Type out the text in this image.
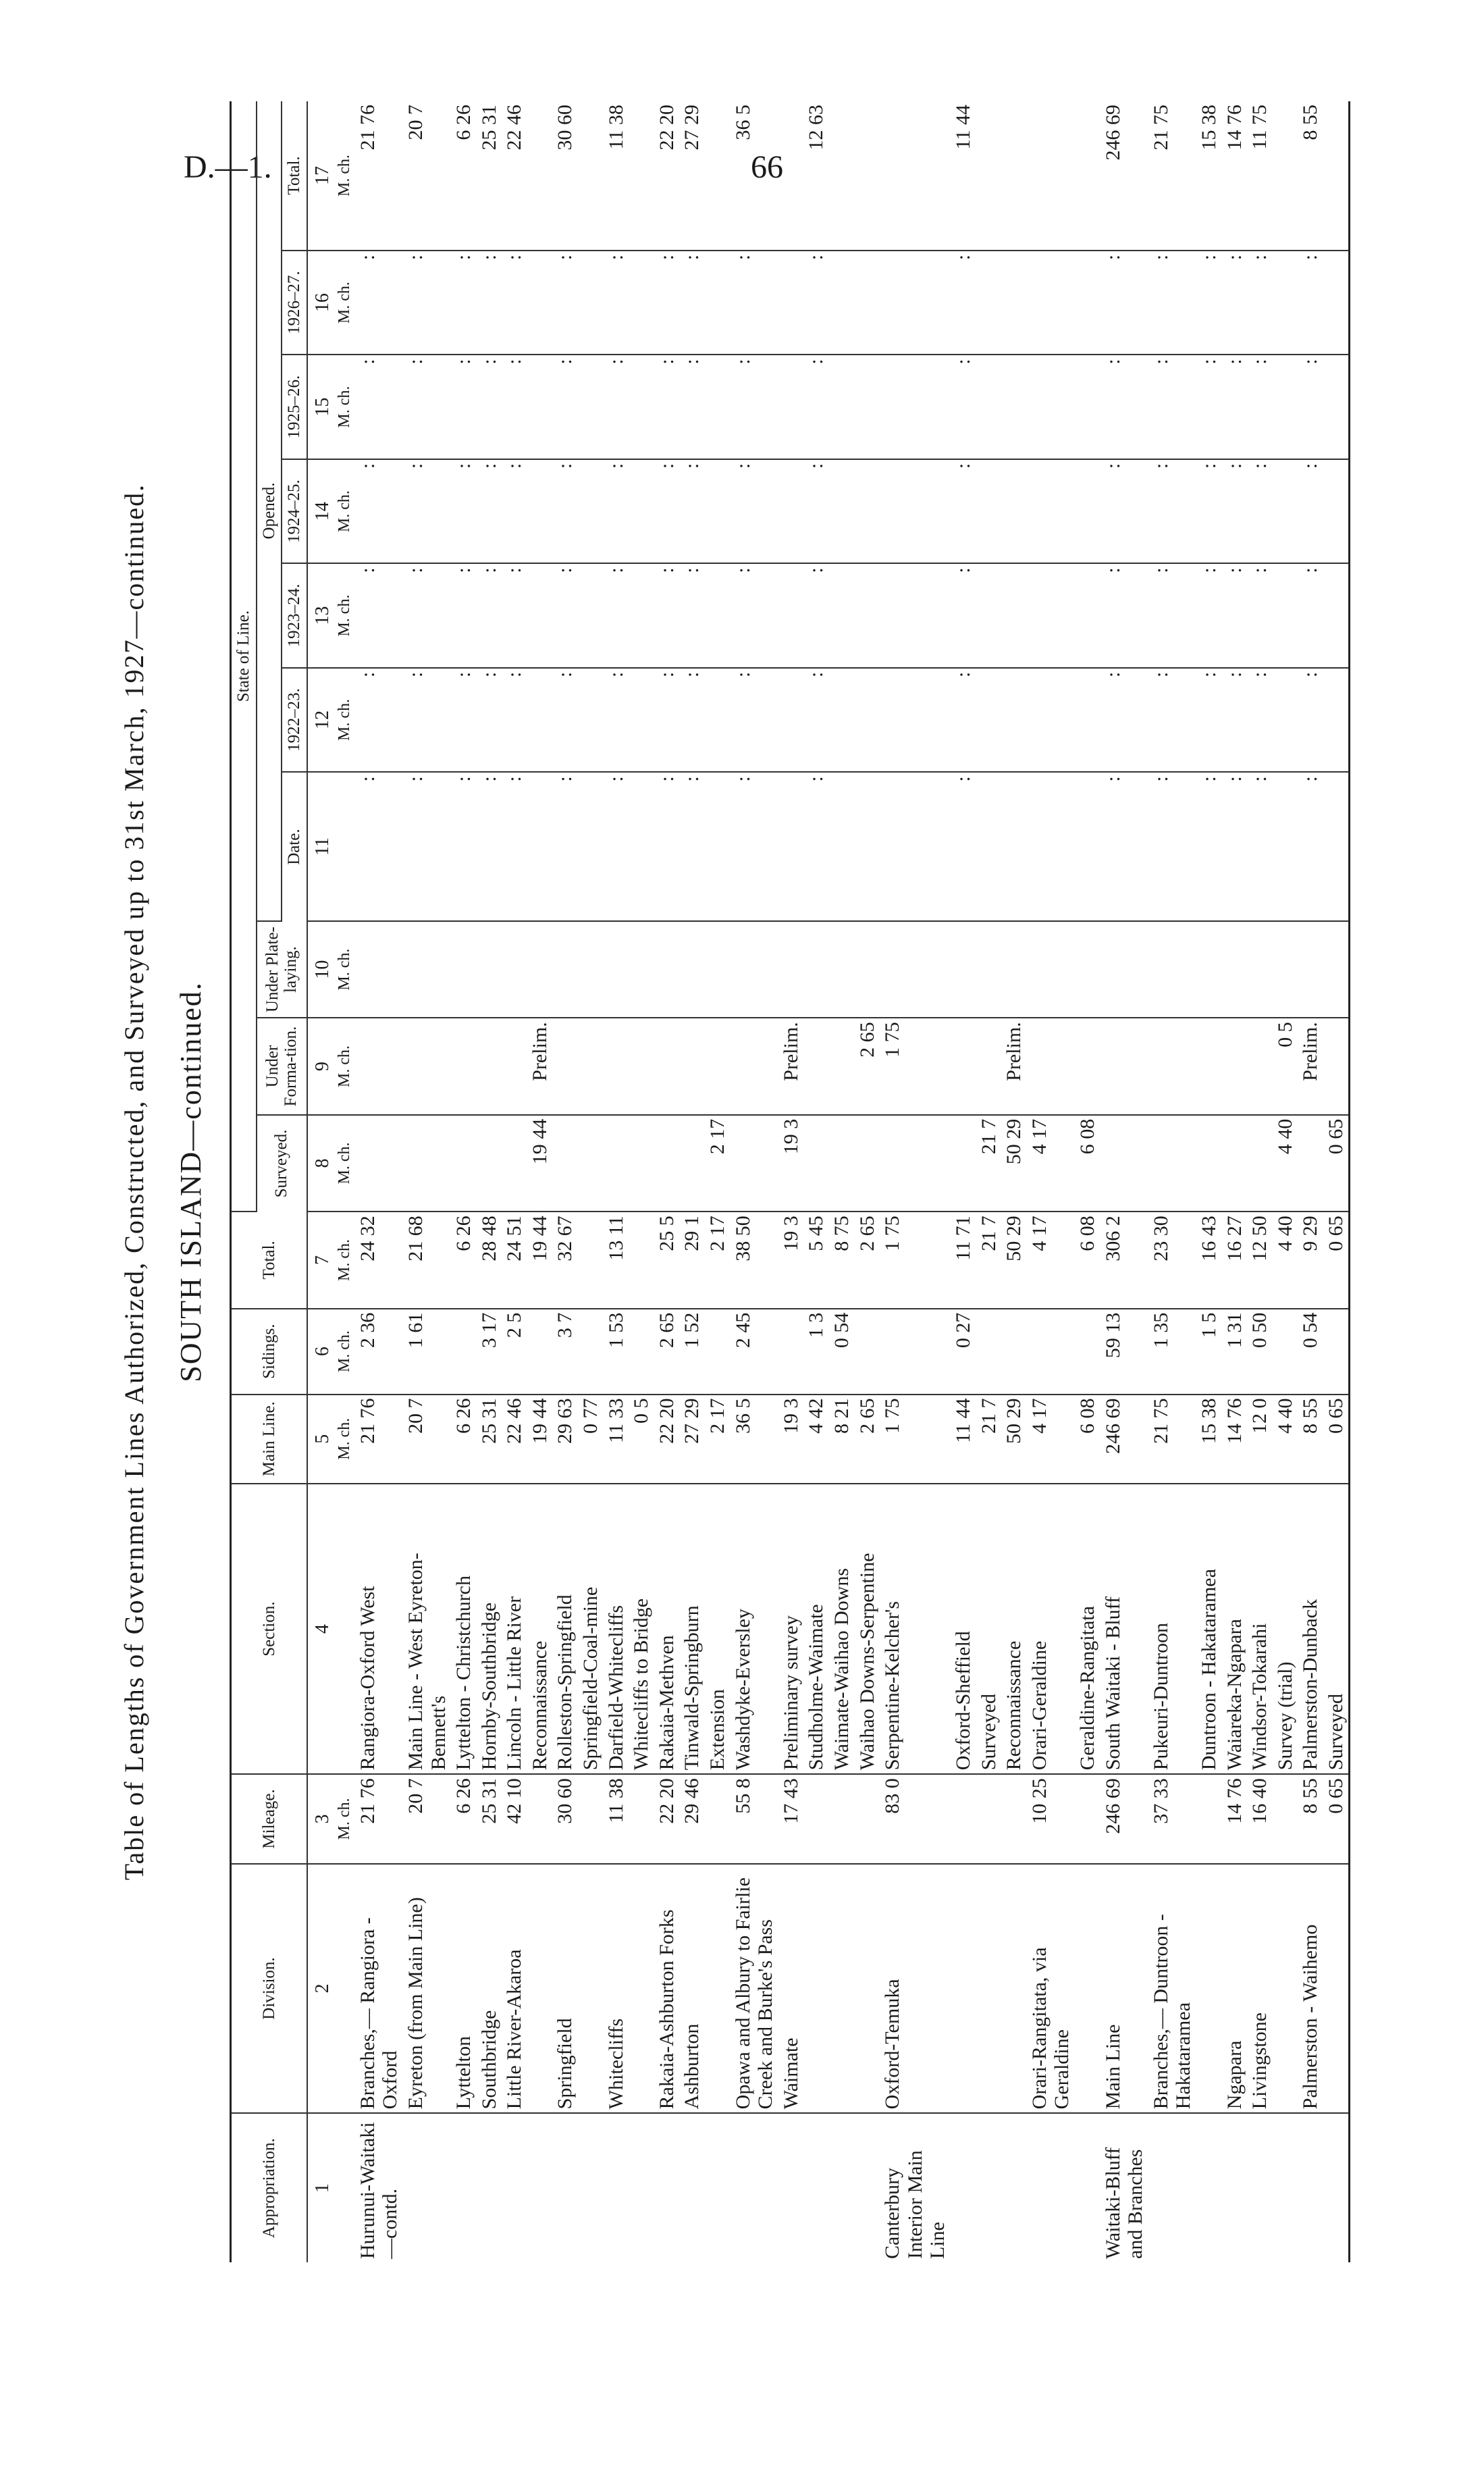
D.—1.	66
Table of Lengths of Government Lines Authorized, Constructed, and Surveyed up to 31st March, 1927—continued. SOUTH ISLAND—continued.
Appropriation.	Division.	Mileage.	Section.	Main Line.	Sidings.	Total.	State of Line.									
							Surveyed.	Under Forma-tion.	Under Plate-laying.	Opened.						
										Date.	1922–23.	1923–24.	1924–25.	1925–26.	1926–27.	Total.
1	2	3	4	5	6	7	8	9	10	11	12	13	14	15	16	17
		M. ch.		M. ch.	M. ch.	M. ch.	M. ch.	M. ch.	M. ch.		M. ch.	M. ch.	M. ch.	M. ch.	M. ch.	M. ch.
Hurunui-Waitaki —contd.	Branches,— Rangiora - Oxford	21 76	Rangiora-Oxford West	21 76	2 36	24 32				:	:	:	:	:	:	21 76
	Eyreton (from Main Line)	20 7	Main Line - West Eyreton-Bennett's	20 7	1 61	21 68				:	:	:	:	:	:	20 7
	Lyttelton	6 26	Lyttelton - Christchurch	6 26		6 26				:	:	:	:	:	:	6 26
	Southbridge	25 31	Hornby-Southbridge	25 31	3 17	28 48				:	:	:	:	:	:	25 31
	Little River-Akaroa	42 10	Lincoln - Little River	22 46	2 5	24 51				:	:	:	:	:	:	22 46
			Reconnaissance	19 44		19 44	19 44	Prelim.								
	Springfield	30 60	Rolleston-Springfield	29 63	3 7	32 67				:	:	:	:	:	:	30 60
			Springfield-Coal-mine	0 77												
	Whitecliffs	11 38	Darfield-Whitecliffs	11 33	1 53	13 11				:	:	:	:	:	:	11 38
			Whitecliffs to Bridge	0 5												
	Rakaia-Ashburton Forks	22 20	Rakaia-Methven	22 20	2 65	25 5				:	:	:	:	:	:	22 20
	Ashburton	29 46	Tinwald-Springburn	27 29	1 52	29 1				:	:	:	:	:	:	27 29
			Extension	2 17		2 17	2 17									
	Opawa and Albury to Fairlie Creek and Burke's Pass	55 8	Washdyke-Eversley	36 5	2 45	38 50				:	:	:	:	:	:	36 5
	Waimate	17 43	Preliminary survey	19 3		19 3	19 3	Prelim.								
			Studholme-Waimate	4 42	1 3	5 45				:	:	:	:	:	:	12 63
			Waimate-Waihao Downs	8 21	0 54	8 75										
			Waihao Downs-Serpentine	2 65		2 65		2 65								
Canterbury Interior Main Line	Oxford-Temuka	83 0	Serpentine-Kelcher's	1 75		1 75		1 75								
			Oxford-Sheffield	11 44	0 27	11 71				:	:	:	:	:	:	11 44
			Surveyed	21 7		21 7	21 7									
			Reconnaissance	50 29		50 29	50 29	Prelim.								
	Orari-Rangitata, via Geraldine	10 25	Orari-Geraldine	4 17		4 17	4 17									
			Geraldine-Rangitata	6 08		6 08	6 08									
Waitaki-Bluff and Branches	Main Line	246 69	South Waitaki - Bluff	246 69	59 13	306 2				:	:	:	:	:	:	246 69
	Branches,— Duntroon - Hakataramea	37 33	Pukeuri-Duntroon	21 75	1 35	23 30				:	:	:	:	:	:	21 75
			Duntroon - Hakataramea	15 38	1 5	16 43				:	:	:	:	:	:	15 38
	Ngapara	14 76	Waiareka-Ngapara	14 76	1 31	16 27				:	:	:	:	:	:	14 76
	Livingstone	16 40	Windsor-Tokarahi	12 0	0 50	12 50				:	:	:	:	:	:	11 75
			Survey (trial)	4 40		4 40	4 40	0 5								
	Palmerston - Waihemo	8 55	Palmerston-Dunback	8 55	0 54	9 29		Prelim.		:	:	:	:	:	:	8 55
		0 65	Surveyed	0 65		0 65	0 65									
